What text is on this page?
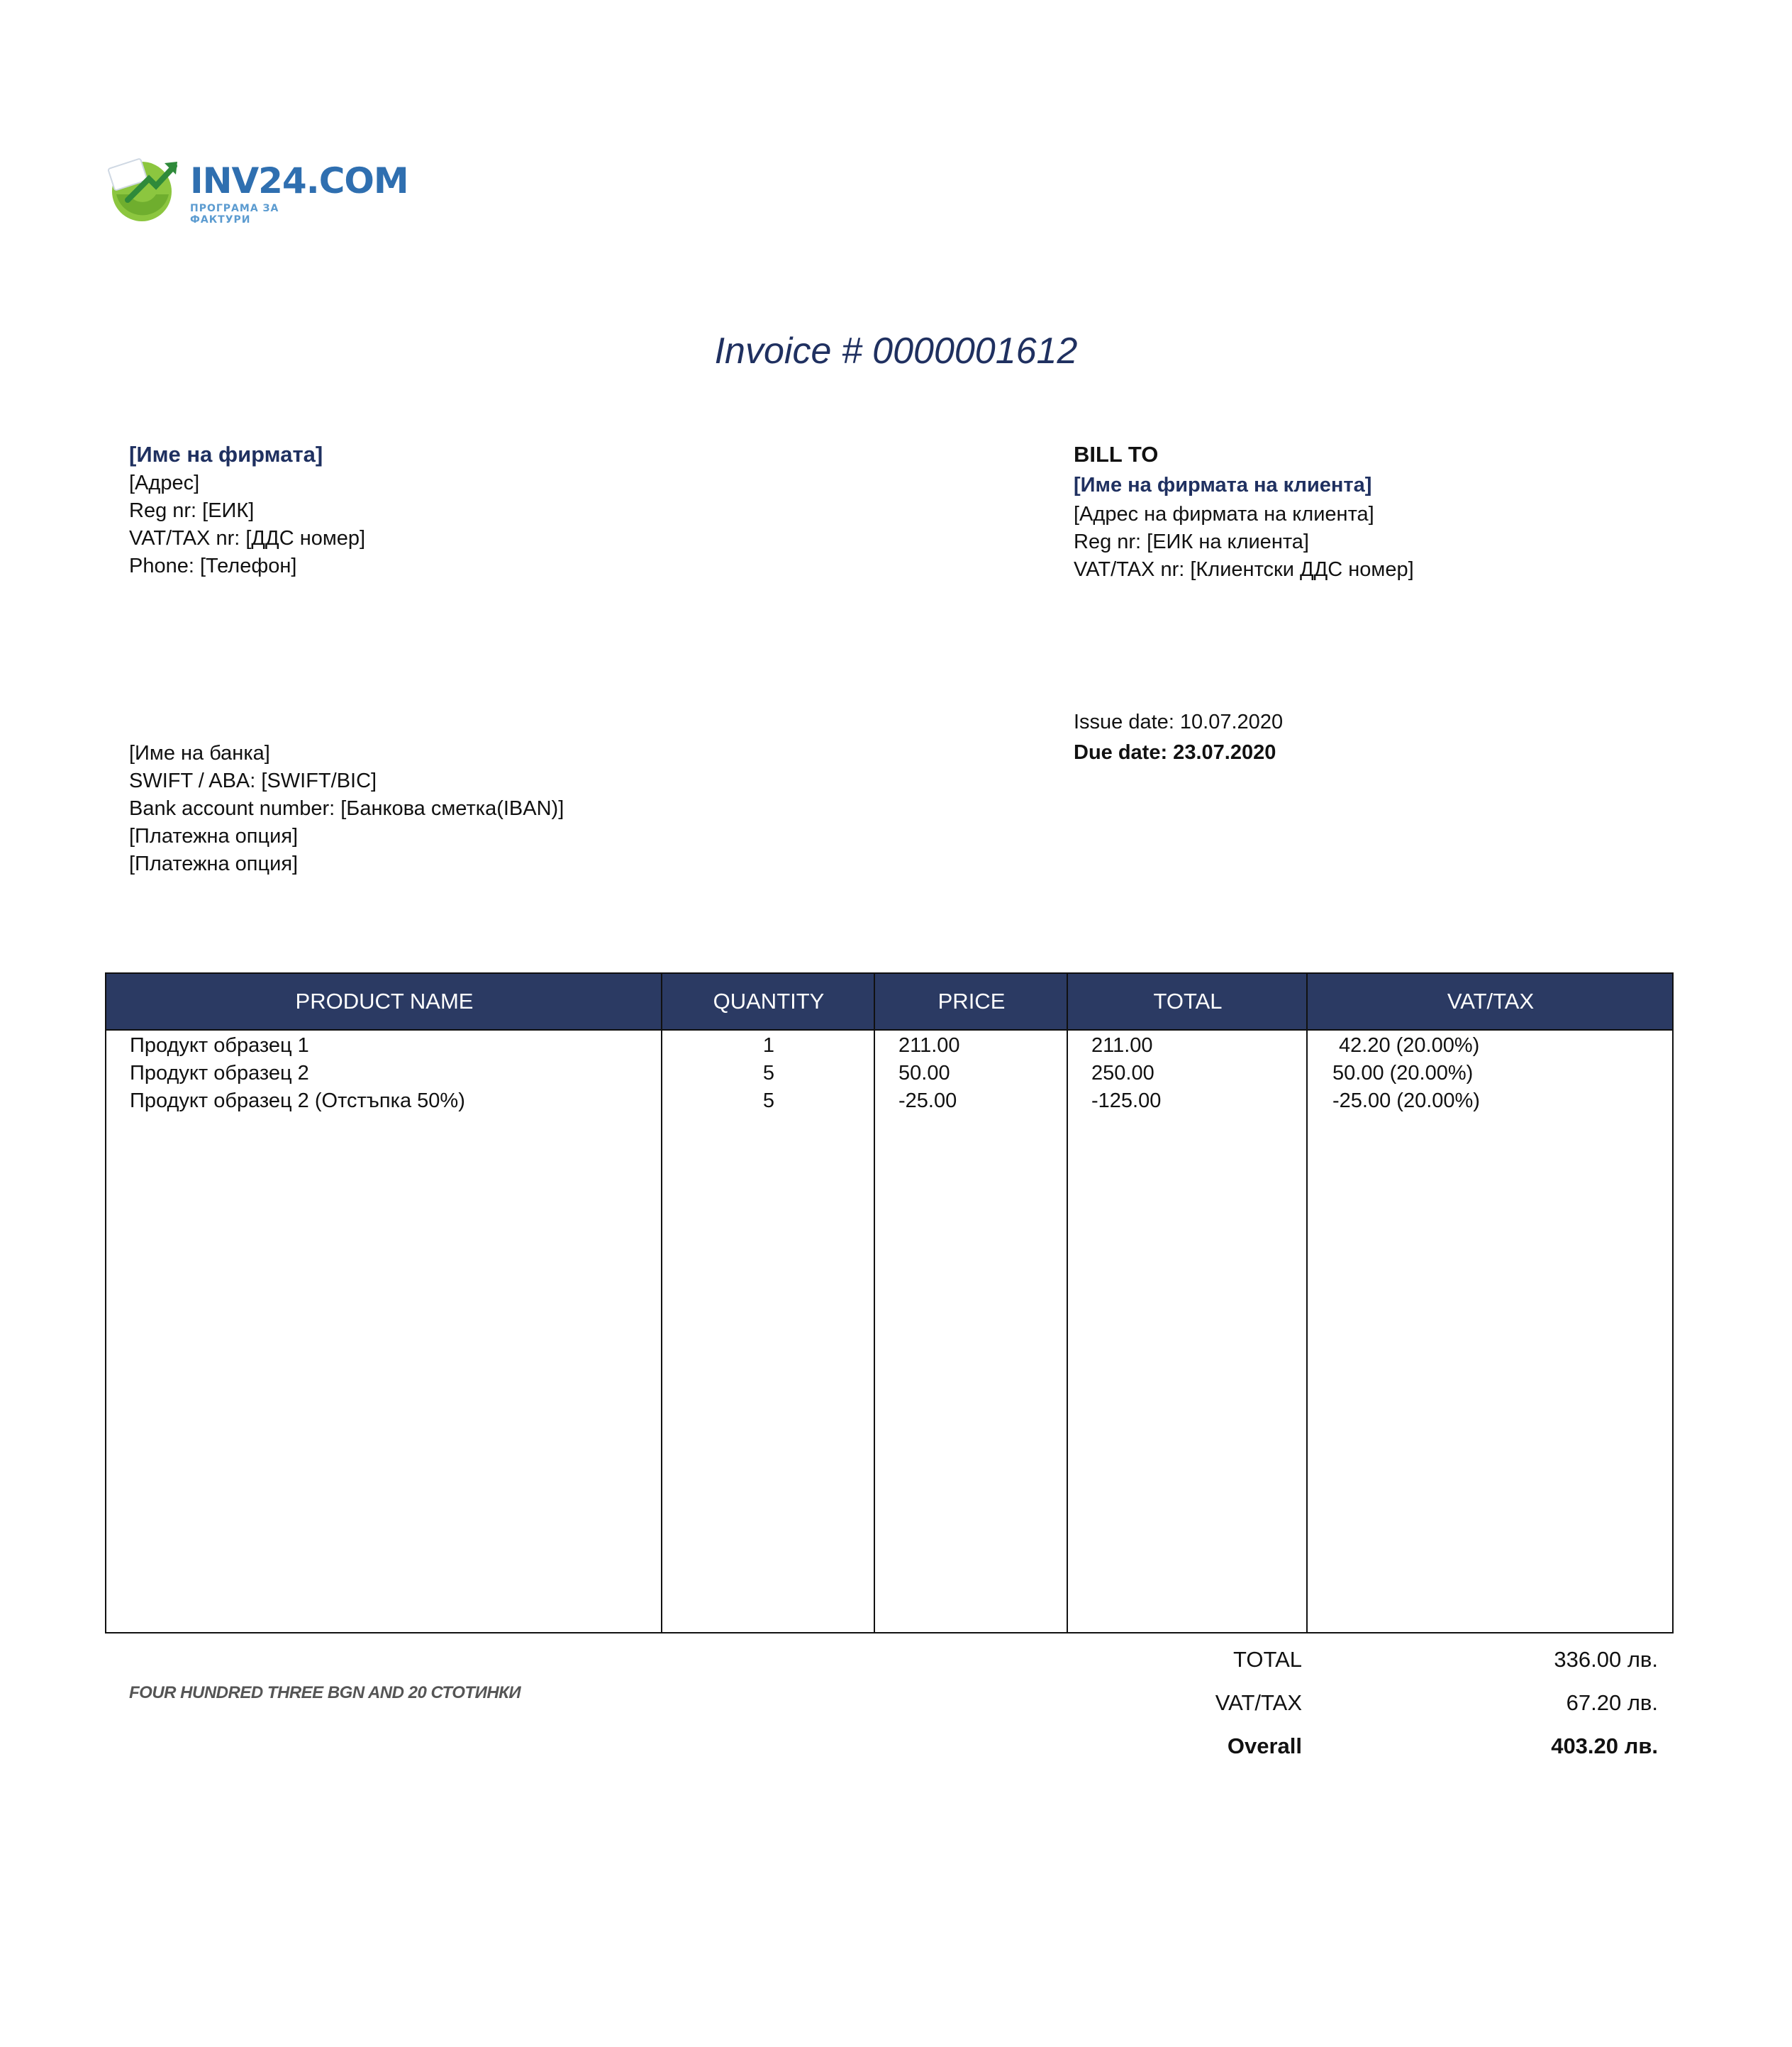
INV24.COM
ПРОГРАМА ЗА ФАКТУРИ
Invoice # 0000001612
[Име на фирмата]
[Адрес]
Reg nr: [ЕИК]
VAT/TAX nr: [ДДС номер]
Phone: [Телефон]
BILL TO
[Име на фирмата на клиента]
[Адрес на фирмата на клиента]
Reg nr: [ЕИК на клиента]
VAT/TAX nr: [Клиентски ДДС номер]
Issue date: 10.07.2020
Due date: 23.07.2020
[Име на банка]
SWIFT / ABA: [SWIFT/BIC]
Bank account number: [Банкова сметка(IBAN)]
[Платежна опция]
[Платежна опция]
PRODUCT NAME	QUANTITY	PRICE	TOTAL	VAT/TAX
Продукт образец 1	1	211.00	211.00	42.20 (20.00%)
Продукт образец 2	5	50.00	250.00	50.00 (20.00%)
Продукт образец 2 (Отстъпка 50%)	5	-25.00	-125.00	-25.00 (20.00%)
FOUR HUNDRED THREE BGN AND 20 СТОТИНКИ
TOTAL	336.00 лв.
VAT/TAX	67.20 лв.
Overall	403.20 лв.
